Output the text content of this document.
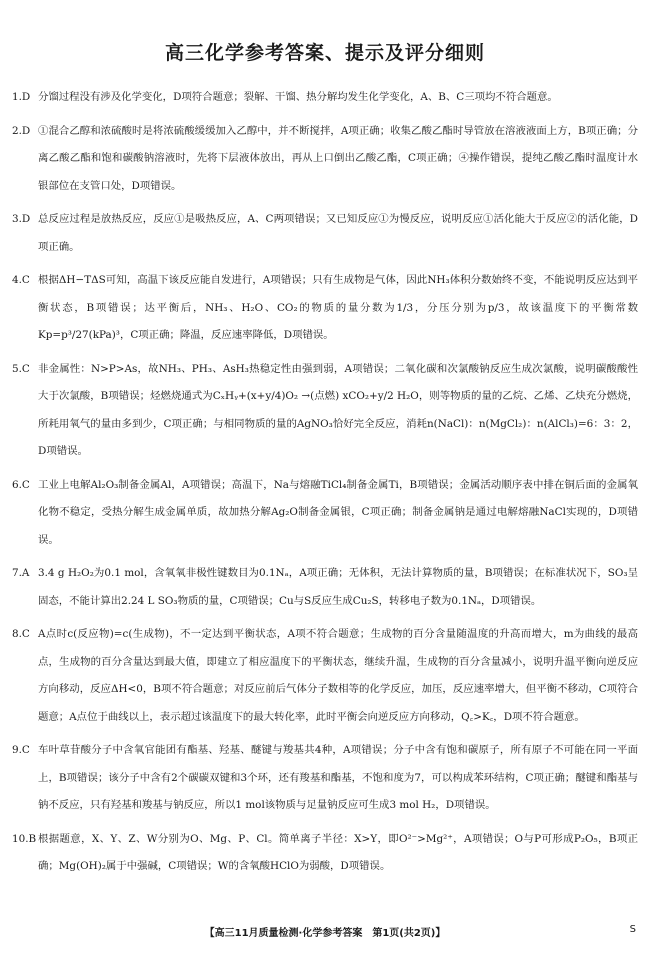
高三化学参考答案、提示及评分细则
1.D 分馏过程没有涉及化学变化，D项符合题意；裂解、干馏、热分解均发生化学变化，A、B、C三项均不符合题意。
2.D ①混合乙醇和浓硫酸时是将浓硫酸缓缓加入乙醇中，并不断搅拌，A项正确；收集乙酸乙酯时导管放在溶液液面上方，B项正确；分离乙酸乙酯和饱和碳酸钠溶液时，先将下层液体放出，再从上口倒出乙酸乙酯，C项正确；④操作错误，提纯乙酸乙酯时温度计水银部位在支管口处，D项错误。
3.D 总反应过程是放热反应，反应①是吸热反应，A、C两项错误；又已知反应①为慢反应，说明反应①活化能大于反应②的活化能，D项正确。
4.C 根据ΔH−TΔS可知，高温下该反应能自发进行，A项错误；只有生成物是气体，因此NH₃体积分数始终不变，不能说明反应达到平衡状态，B项错误；达平衡后，NH₃、H₂O、CO₂的物质的量分数为1/3，分压分别为p/3，故该温度下的平衡常数Kp=p³/27(kPa)³，C项正确；降温，反应速率降低，D项错误。
5.C 非金属性：N>P>As，故NH₃、PH₃、AsH₃热稳定性由强到弱，A项错误；二氧化碳和次氯酸钠反应生成次氯酸，说明碳酸酸性大于次氯酸，B项错误；烃燃烧通式为CₓHᵧ+(x+y/4)O₂ →(点燃) xCO₂+y/2 H₂O，则等物质的量的乙烷、乙烯、乙炔充分燃烧，所耗用氧气的量由多到少，C项正确；与相同物质的量的AgNO₃恰好完全反应，消耗n(NaCl)：n(MgCl₂)：n(AlCl₃)=6：3：2，D项错误。
6.C 工业上电解Al₂O₃制备金属Al，A项错误；高温下，Na与熔融TiCl₄制备金属Ti，B项错误；金属活动顺序表中排在铜后面的金属氧化物不稳定，受热分解生成金属单质，故加热分解Ag₂O制备金属银，C项正确；制备金属钠是通过电解熔融NaCl实现的，D项错误。
7.A 3.4 g H₂O₂为0.1 mol，含氧氧非极性键数目为0.1Nₐ，A项正确；无体积，无法计算物质的量，B项错误；在标准状况下，SO₃呈固态，不能计算出2.24 L SO₃物质的量，C项错误；Cu与S反应生成Cu₂S，转移电子数为0.1Nₐ，D项错误。
8.C A点时c(反应物)=c(生成物)，不一定达到平衡状态，A项不符合题意；生成物的百分含量随温度的升高而增大，m为曲线的最高点，生成物的百分含量达到最大值，即建立了相应温度下的平衡状态，继续升温，生成物的百分含量减小，说明升温平衡向逆反应方向移动，反应ΔH<0，B项不符合题意；对反应前后气体分子数相等的化学反应，加压，反应速率增大，但平衡不移动，C项符合题意；A点位于曲线以上，表示超过该温度下的最大转化率，此时平衡会向逆反应方向移动，Q꜀>K꜀，D项不符合题意。
9.C 车叶草苷酸分子中含氧官能团有酯基、羟基、醚键与羧基共4种，A项错误；分子中含有饱和碳原子，所有原子不可能在同一平面上，B项错误；该分子中含有2个碳碳双键和3个环，还有羧基和酯基，不饱和度为7，可以构成苯环结构，C项正确；醚键和酯基与钠不反应，只有羟基和羧基与钠反应，所以1 mol该物质与足量钠反应可生成3 mol H₂，D项错误。
10.B 根据题意，X、Y、Z、W分别为O、Mg、P、Cl。简单离子半径：X>Y，即O²⁻>Mg²⁺，A项错误；O与P可形成P₂O₅，B项正确；Mg(OH)₂属于中强碱，C项错误；W的含氧酸HClO为弱酸，D项错误。
【高三11月质量检测·化学参考答案　第1页(共2页)】	S
